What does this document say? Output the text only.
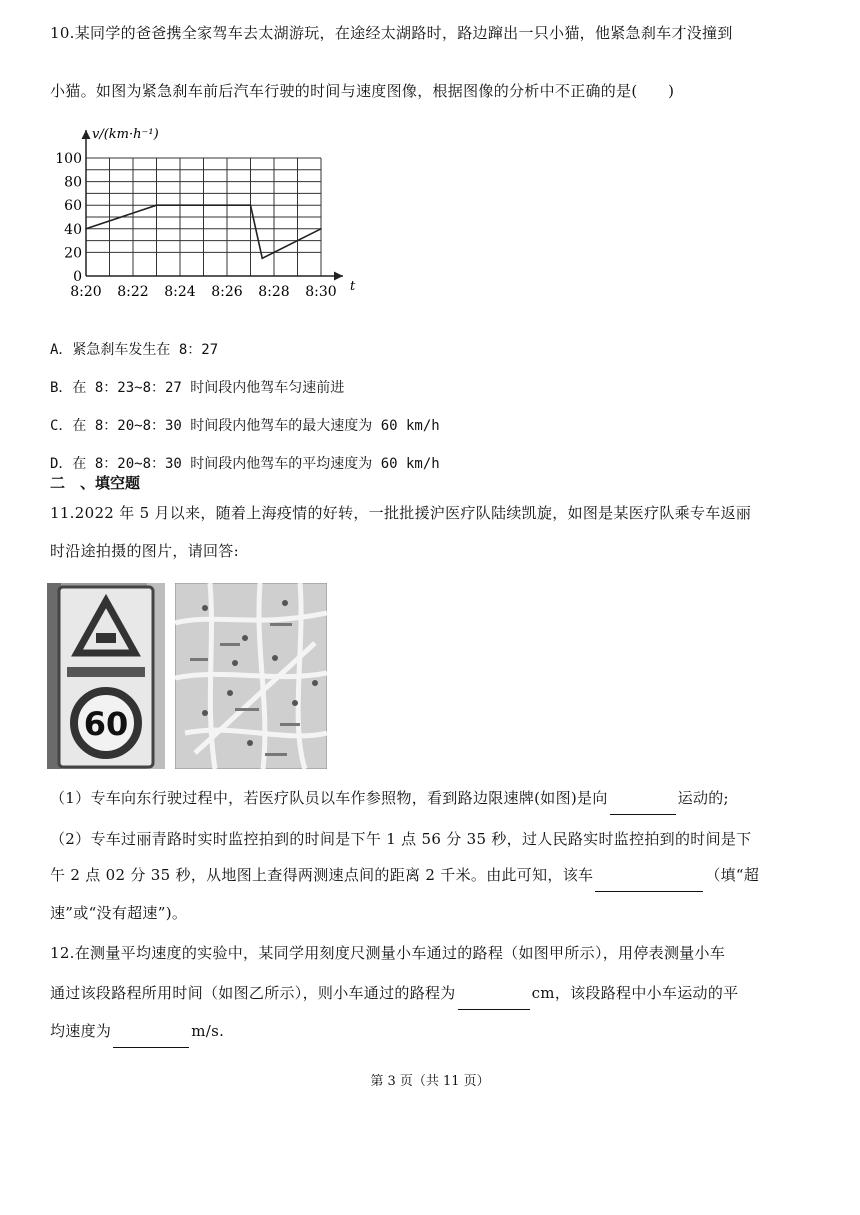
10.某同学的爸爸携全家驾车去太湖游玩，在途经太湖路时，路边蹿出一只小猫，他紧急刹车才没撞到

小猫。如图为紧急刹车前后汽车行驶的时间与速度图像，根据图像的分析中不正确的是(　　)

v/(km·h⁻¹)
0
20
40
60
80
100
8:20 8:22 8:24 8:26 8:28 8:30 t

A．紧急刹车发生在 8：27

B．在 8：23~8：27 时间段内他驾车匀速前进

C．在 8：20~8：30 时间段内他驾车的最大速度为 60 km/h

D．在 8：20~8：30 时间段内他驾车的平均速度为 60 km/h

二　、填空题

11.2022 年 5 月以来，随着上海疫情的好转，一批批援沪医疗队陆续凯旋，如图是某医疗队乘专车返丽

时沿途拍摄的图片，请回答:

60

（1）专车向东行驶过程中，若医疗队员以车作参照物，看到路边限速牌(如图)是向	运动的;

（2）专车过丽青路时实时监控拍到的时间是下午 1 点 56 分 35 秒，过人民路实时监控拍到的时间是下

午 2 点 02 分 35 秒，从地图上查得两测速点间的距离 2 千米。由此可知，该车	（填“超

速”或“没有超速”)。

12.在测量平均速度的实验中，某同学用刻度尺测量小车通过的路程（如图甲所示），用停表测量小车

通过该段路程所用时间（如图乙所示），则小车通过的路程为	cm，该段路程中小车运动的平

均速度为	m/s.

第 3 页（共 11 页）
